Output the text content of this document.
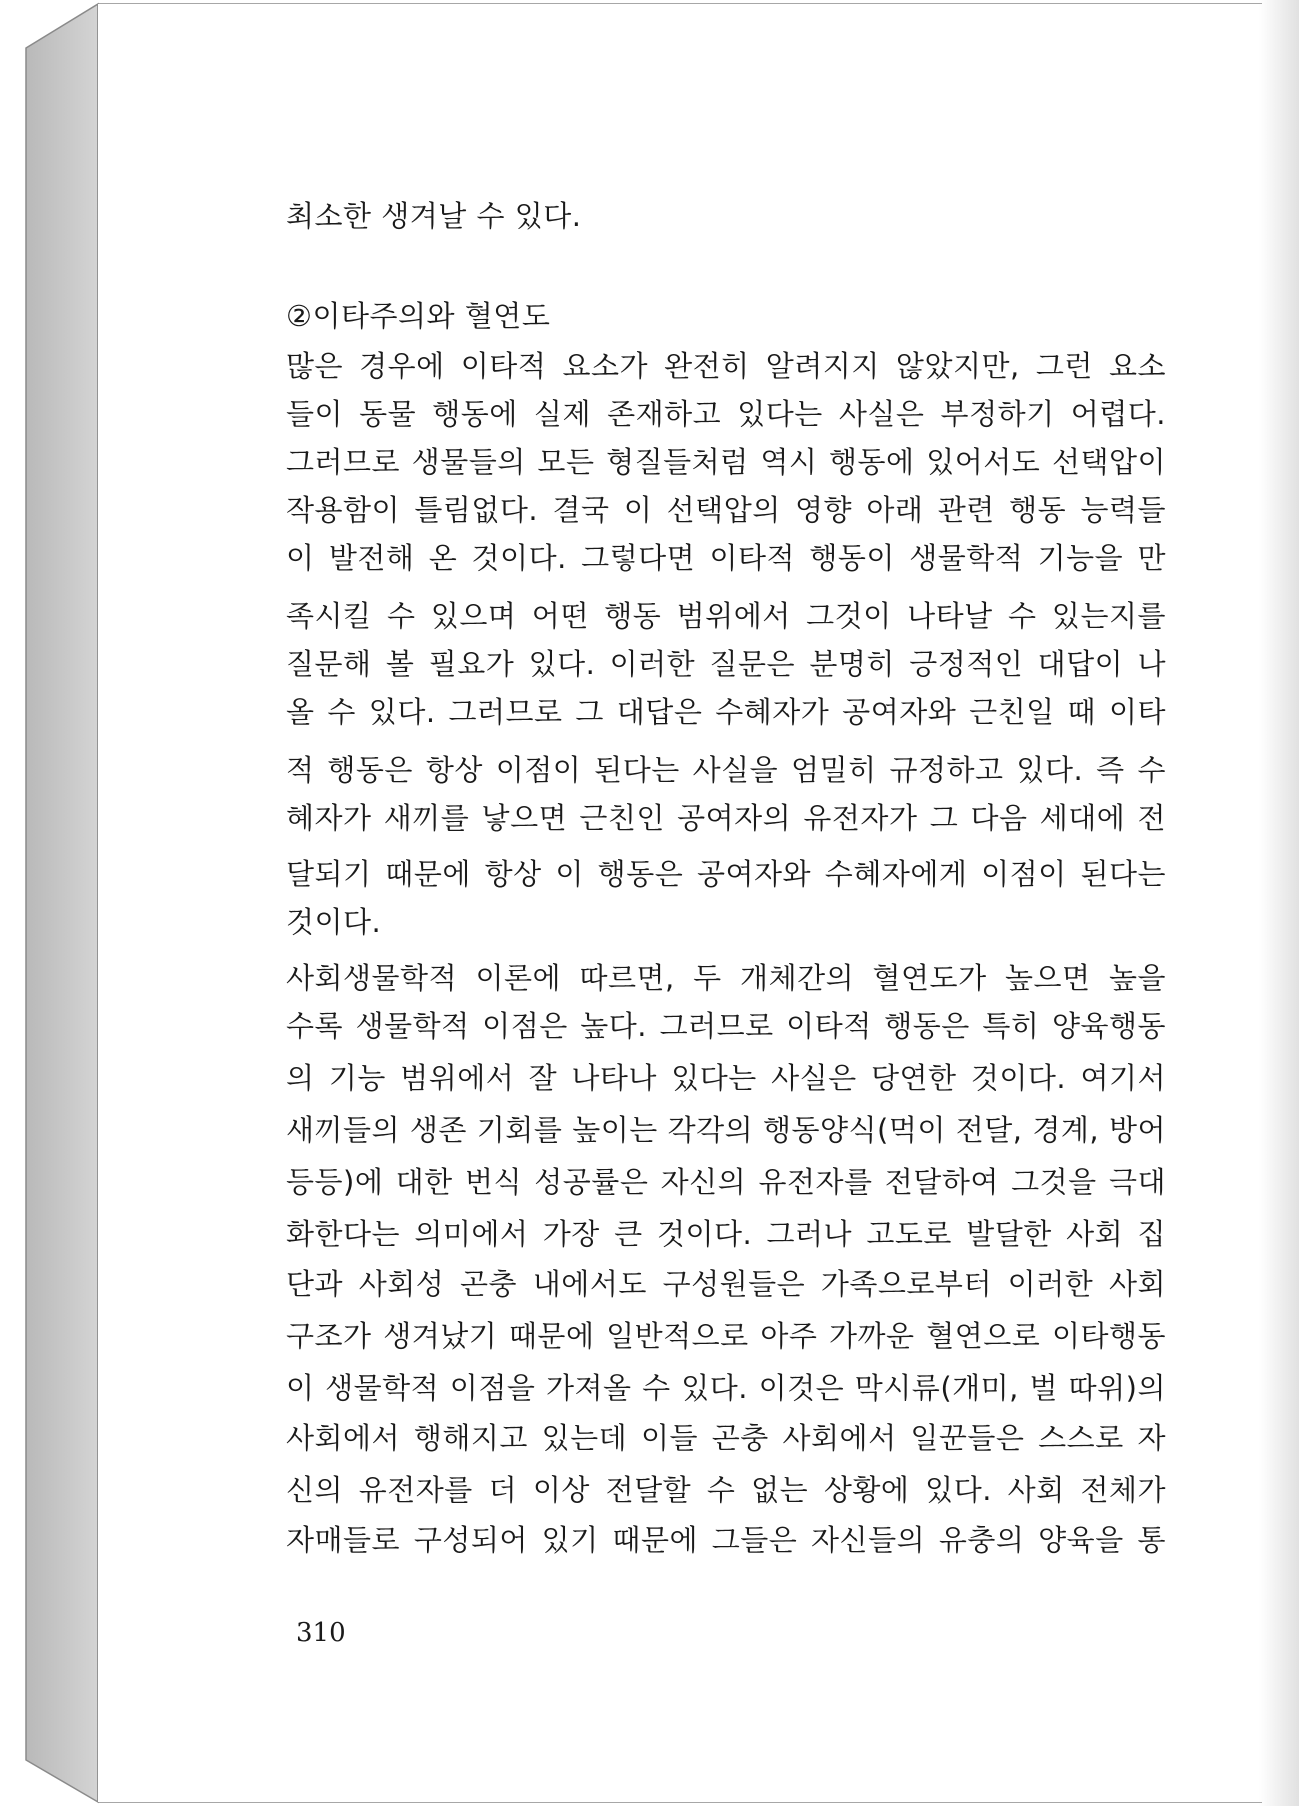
최소한 생겨날 수 있다.
②이타주의와 혈연도
많은 경우에 이타적 요소가 완전히 알려지지 않았지만, 그런 요소
들이 동물 행동에 실제 존재하고 있다는 사실은 부정하기 어렵다.
그러므로 생물들의 모든 형질들처럼 역시 행동에 있어서도 선택압이
작용함이 틀림없다. 결국 이 선택압의 영향 아래 관련 행동 능력들
이 발전해 온 것이다. 그렇다면 이타적 행동이 생물학적 기능을 만
족시킬 수 있으며 어떤 행동 범위에서 그것이 나타날 수 있는지를
질문해 볼 필요가 있다. 이러한 질문은 분명히 긍정적인 대답이 나
올 수 있다. 그러므로 그 대답은 수혜자가 공여자와 근친일 때 이타
적 행동은 항상 이점이 된다는 사실을 엄밀히 규정하고 있다. 즉 수
혜자가 새끼를 낳으면 근친인 공여자의 유전자가 그 다음 세대에 전
달되기 때문에 항상 이 행동은 공여자와 수혜자에게 이점이 된다는
것이다.
사회생물학적 이론에 따르면, 두 개체간의 혈연도가 높으면 높을
수록 생물학적 이점은 높다. 그러므로 이타적 행동은 특히 양육행동
의 기능 범위에서 잘 나타나 있다는 사실은 당연한 것이다. 여기서
새끼들의 생존 기회를 높이는 각각의 행동양식(먹이 전달, 경계, 방어
등등)에 대한 번식 성공률은 자신의 유전자를 전달하여 그것을 극대
화한다는 의미에서 가장 큰 것이다. 그러나 고도로 발달한 사회 집
단과 사회성 곤충 내에서도 구성원들은 가족으로부터 이러한 사회
구조가 생겨났기 때문에 일반적으로 아주 가까운 혈연으로 이타행동
이 생물학적 이점을 가져올 수 있다. 이것은 막시류(개미, 벌 따위)의
사회에서 행해지고 있는데 이들 곤충 사회에서 일꾼들은 스스로 자
신의 유전자를 더 이상 전달할 수 없는 상황에 있다. 사회 전체가
자매들로 구성되어 있기 때문에 그들은 자신들의 유충의 양육을 통
310
